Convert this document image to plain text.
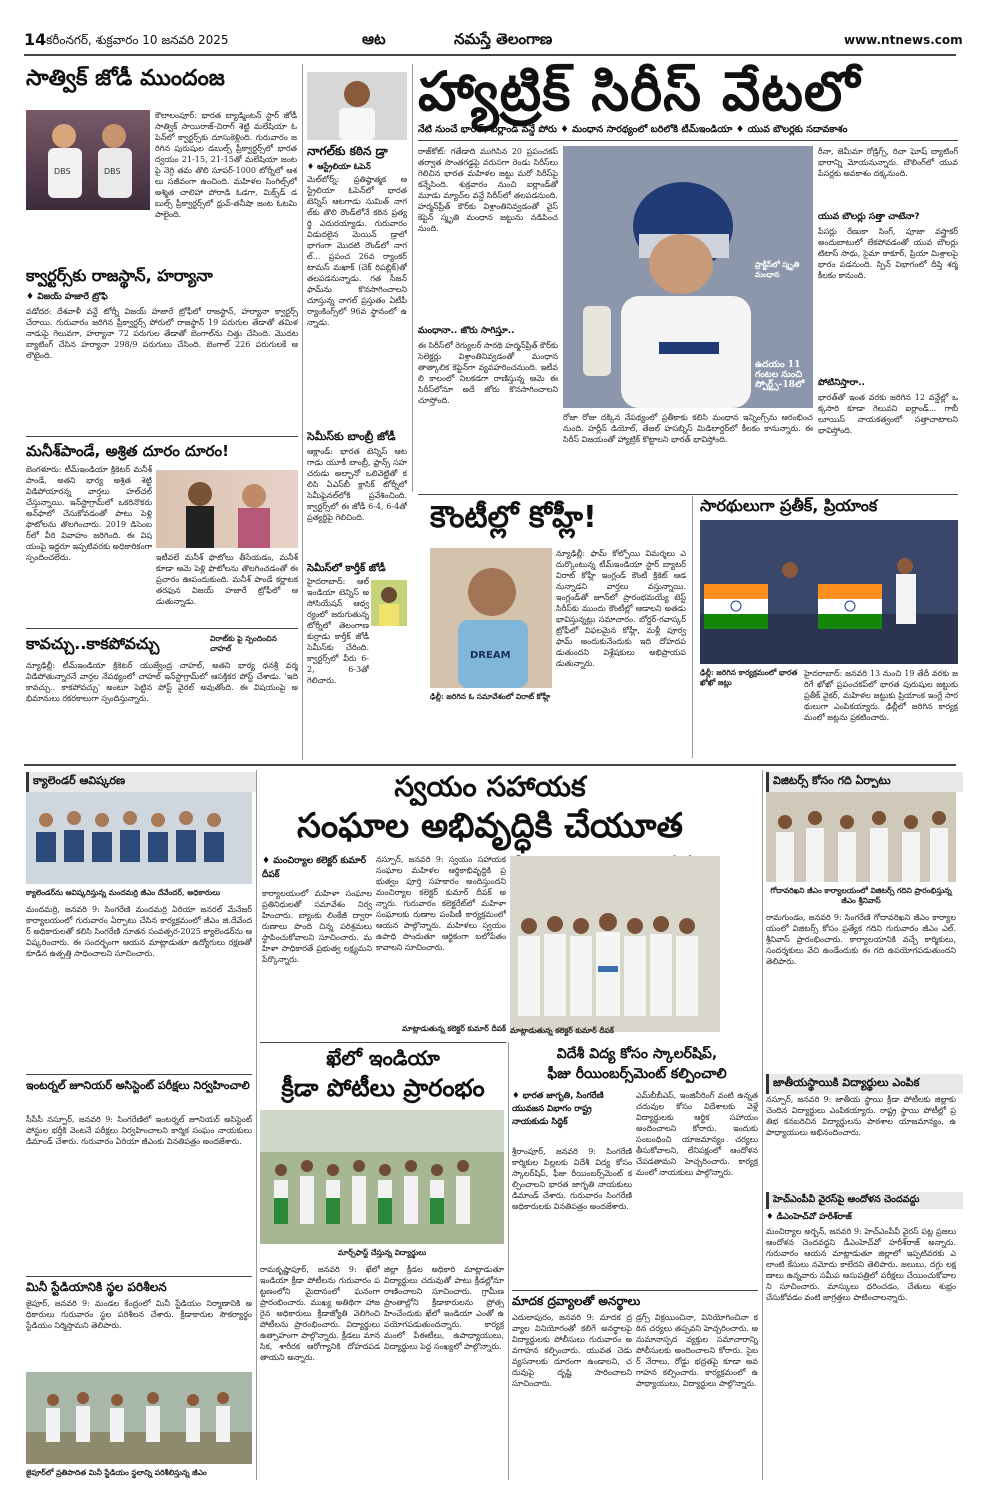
14 కరీంనగర్, శుక్రవారం 10 జనవరి 2025	ఆట	నమస్తే తెలంగాణ	www.ntnews.com
సాత్విక్ జోడీ ముందంజ
DBS	DBS
కౌలాలంపూర్: భారత బ్యాడ్మింటన్ స్టార్ జోడీ సాత్విక్ సాయిరాజ్-చిరాగ్ శెట్టి మలేషియా ఓపెన్‌లో క్వార్టర్స్‌కు దూసుకెళ్లింది. గురువారం జరిగిన పురుషుల డబుల్స్ ప్రీక్వార్టర్స్‌లో భారత ద్వయం 21-15, 21-15తో మలేషియా జంట పై నెగ్గి తమ తొలి సూపర్-1000 టోర్నీలో ఆశలు సజీవంగా ఉంచింది. మహిళల సింగిల్స్‌లో అశ్మిత చాలిహా పోరాడి ఓడగా, మిక్స్‌డ్ డబుల్స్ ప్రీక్వార్టర్స్‌లో ధ్రువ్-తనీషా జంట ఓటమి పాలైంది.
క్వార్టర్స్‌కు రాజస్థాన్, హర్యానా
♦ విజయ్ హజారే ట్రోఫీ
వడోదర: దేశవాళీ వన్డే టోర్నీ విజయ్ హజారే ట్రోఫీలో రాజస్థాన్, హర్యానా క్వార్టర్స్ చేరాయి. గురువారం జరిగిన ప్రీక్వార్టర్స్ పోరులో రాజస్థాన్ 19 పరుగుల తేడాతో తమిళనాడుపై గెలువగా, హర్యానా 72 పరుగుల తేడాతో బెంగాల్‌ను చిత్తు చేసింది. మొదట బ్యాటింగ్ చేసిన హర్యానా 298/9 పరుగులు చేసింది. బెంగాల్ 226 పరుగులకే ఆలౌటైంది.
మనీశ్‌పాండే, అశ్రిత దూరం దూరం!
బెంగళూరు: టీమ్‌ఇండియా క్రికెటర్ మనీశ్ పాండే, అతని భార్య అశ్రిత శెట్టి విడిపోయారన్న వార్తలు హల్‌చల్ చేస్తున్నాయి. ఇన్‌స్టాగ్రామ్‌లో ఒకరినొకరు అన్‌ఫాలో చేసుకోవడంతో పాటు పెళ్లి ఫొటోలను తొలగించారు. 2019 డిసెంబర్‌లో వీరి వివాహం జరిగింది. ఈ విషయంపై ఇద్దరూ ఇప్పటివరకు అధికారికంగా స్పందించలేదు.	ఇటీవలే మనీశ్ ఫొటోలు తీసేయడం, మనీశ్ కూడా ఆమె పెళ్లి ఫొటోలను తొలగించడంతో ఈ ప్రచారం ఊపందుకుంది. మనీశ్ పాండే కర్ణాటక తరఫున విజయ్ హజారే ట్రోఫీలో ఆడుతున్నాడు.
కావచ్చు..కాకపోవచ్చు	విరాట్‌కు పై స్పందించిన చాహల్
న్యూఢిల్లీ: టీమ్‌ఇండియా క్రికెటర్ యుజ్వేంద్ర చాహల్, అతని భార్య ధనశ్రీ వర్మ విడిపోతున్నారనే వార్తల నేపథ్యంలో చాహల్ ఇన్‌స్టాగ్రామ్‌లో ఆసక్తికర పోస్ట్ చేశాడు. 'ఇది కావచ్చు.. కాకపోవచ్చు' అంటూ పెట్టిన పోస్ట్ వైరల్ అవుతోంది. ఈ విషయంపై అభిమానులు రకరకాలుగా స్పందిస్తున్నారు.
నాగల్‌కు కఠిన డ్రా
♦ ఆస్ట్రేలియా ఓపెన్
మెల్‌బోర్న్: ప్రతిష్ఠాత్మక ఆస్ట్రేలియా ఓపెన్‌లో భారత టెన్నిస్ ఆటగాడు సుమిత్ నాగల్‌కు తొలి రౌండ్‌లోనే కఠిన ప్రత్యర్థి ఎదురయ్యాడు. గురువారం విడుదలైన మెయిన్ డ్రాలో భాగంగా మొదటి రౌండ్‌లో నాగల్... ప్రపంచ 26వ ర్యాంకర్ టామస్ మఖాక్ (చెక్ రిపబ్లిక్)తో తలపడనున్నాడు. గత సీజన్ ఫామ్‌ను కొనసాగించాలని చూస్తున్న నాగల్ ప్రస్తుతం ఏటీపీ ర్యాంకింగ్స్‌లో 96వ స్థానంలో ఉన్నాడు.
సెమీస్‌కు బాంబ్రీ జోడీ
ఆక్లాండ్: భారత టెన్నిస్ ఆటగాడు యూకీ బాంబ్రీ, ఫ్రాన్స్ సహచరుడు అల్బానో ఒలివెట్టితో కలిసి ఏఎస్‌బీ క్లాసిక్ టోర్నీలో సెమీఫైనల్‌లోకి ప్రవేశించింది. క్వార్టర్స్‌లో ఈ జోడీ 6-4, 6-4తో ప్రత్యర్థిపై గెలిచింది.
సెమీస్‌లో కార్తీక్ జోడీ
హైదరాబాద్: ఆల్ ఇండియా టెన్నిస్ అసోసియేషన్ ఆధ్వర్యంలో జరుగుతున్న టోర్నీలో తెలంగాణ కుర్రాడు కార్తీక్ జోడీ సెమీస్‌కు చేరింది. క్వార్టర్స్‌లో వీరు 6-2, 6-3తో గెలిచారు.
హ్యాట్రిక్ సిరీస్ వేటలో
నేటి నుంచే భారత్, ఐర్లాండ్ వన్డే పోరు ♦ మంధాన సారథ్యంలో బరిలోకి టీమ్‌ఇండియా ♦ యువ బౌలర్లకు సదావకాశం
రాజ్‌కోట్: గతేడాది ముగిసిన 20 ప్రపంచకప్ తర్వాత సొంతగడ్డపై వరుసగా రెండు సిరీస్‌లు గెలిచిన భారత మహిళల జట్టు మరో సిరీస్‌పై కన్నేసింది. శుక్రవారం నుంచి ఐర్లాండ్‌తో మూడు మ్యాచ్‌ల వన్డే సిరీస్‌లో తలపడనుంది. హర్మన్‌ప్రీత్ కౌర్‌కు విశ్రాంతినివ్వడంతో వైస్ కెప్టెన్ స్మృతి మంధాన జట్టును నడిపించనుంది.
మంధానా.. జోరు సాగిస్తూ..
ఈ సిరీస్‌లో రెగ్యులర్ సారథి హర్మన్‌ప్రీత్ కౌర్‌కు సెలెక్టర్లు విశ్రాంతినివ్వడంతో మంధాన తాత్కాలిక కెప్టెన్‌గా వ్యవహరించనుంది. ఇటీవలి కాలంలో నిలకడగా రాణిస్తున్న ఆమె ఈ సిరీస్‌లోనూ అదే జోరు కొనసాగించాలని చూస్తోంది.
ప్రాక్టీస్‌లో స్మృతి మంధాన
ఉదయం 11 గంటల నుంచి స్పోర్ట్స్-18లో
రోజా రోజు దక్కిన నేపథ్యంలో ప్రతీకాకు కలిసి మంధాన ఇన్నింగ్స్‌ను ఆరంభించనుంది. హర్లీన్ డియోల్, తేజల్ హసబ్నిస్ మిడిలార్డర్‌లో కీలకం కానున్నారు. ఈ సిరీస్ విజయంతో హ్యాట్రిక్ కొట్టాలని భారత్ భావిస్తోంది.
రీనా, జెమీమా రోడ్రిగ్స్, రిచా ఘోష్ బ్యాటింగ్ భారాన్ని మోయనున్నారు. బౌలింగ్‌లో యువ పేసర్లకు అవకాశం దక్కనుంది.
యువ బౌలర్లు సత్తా చాటేనా?
పేసర్లు రేణుకా సింగ్, పూజా వస్త్రాకర్ అందుబాటులో లేకపోవడంతో యువ బౌలర్లు టిటాస్ సాధు, సైమా ఠాకూర్, ప్రియా మిశ్రాలపై భారం పడనుంది. స్పిన్ విభాగంలో దీప్తి శర్మ కీలకం కానుంది.
పోటీనిస్తారా..
భారత్‌తో ఇంత వరకు జరిగిన 12 వన్డేల్లో ఒక్కసారి కూడా గెలువని ఐర్లాండ్... గాబీ లూయిస్ నాయకత్వంలో సత్తాచాటాలని భావిస్తోంది.
కౌంటీల్లో కోహ్లీ!
DREAM
న్యూఢిల్లీ: ఫామ్ కోల్పోయి విమర్శలు ఎదుర్కొంటున్న టీమ్‌ఇండియా స్టార్ బ్యాటర్ విరాట్ కోహ్లీ ఇంగ్లండ్ కౌంటీ క్రికెట్ ఆడనున్నాడని వార్తలు వస్తున్నాయి. ఇంగ్లండ్‌తో జూన్‌లో ప్రారంభమయ్యే టెస్ట్ సిరీస్‌కు ముందు కౌంటీల్లో ఆడాలని అతడు భావిస్తున్నట్లు సమాచారం. బోర్డర్-గవాస్కర్ ట్రోఫీలో విఫలమైన కోహ్లీ, మళ్లీ పూర్వ ఫామ్ అందుకునేందుకు ఇది దోహదపడుతుందని విశ్లేషకులు అభిప్రాయపడుతున్నారు.
ఢిల్లీ: జరిగిన ఓ సమావేశంలో విరాట్ కోహ్లీ
సారథులుగా ప్రతీక్, ప్రియాంక
ఢిల్లీ: జరిగిన కార్యక్రమంలో భారత ఖోఖో జట్లు
హైదరాబాద్: జనవరి 13 నుంచి 19 తేదీ వరకు జరిగే ఖోఖో ప్రపంచకప్‌లో భారత పురుషుల జట్టుకు ప్రతీక్ వైకర్, మహిళల జట్టుకు ప్రియాంక ఇంగ్లే సారథులుగా ఎంపికయ్యారు. ఢిల్లీలో జరిగిన కార్యక్రమంలో జట్లను ప్రకటించారు.
క్యాలెండర్ ఆవిష్కరణ
క్యాలెండర్‌ను ఆవిష్కరిస్తున్న మందమర్రి జీఎం దేవేందర్, అధికారులు
మందమర్రి, జనవరి 9: సింగరేణి మందమర్రి ఏరియా జనరల్ మేనేజర్ కార్యాలయంలో గురువారం ఏర్పాటు చేసిన కార్యక్రమంలో జీఎం జి.దేవేందర్ అధికారులతో కలిసి సింగరేణి నూతన సంవత్సర-2025 క్యాలెండర్‌ను ఆవిష్కరించారు. ఈ సందర్భంగా ఆయన మాట్లాడుతూ ఉద్యోగులు రక్షణతో కూడిన ఉత్పత్తి సాధించాలని సూచించారు.
ఇంటర్నల్ జూనియర్ అసిస్టెంట్ పరీక్షలు నిర్వహించాలి
సీసీసీ నస్పూర్, జనవరి 9: సింగరేణిలో ఇంటర్నల్ జూనియర్ అసిస్టెంట్ పోస్టుల భర్తీకి వెంటనే పరీక్షలు నిర్వహించాలని కార్మిక సంఘం నాయకులు డిమాండ్ చేశారు. గురువారం ఏరియా జీఎంకు వినతిపత్రం అందజేశారు.
మినీ స్టేడియానికి స్థల పరిశీలన
జైపూర్, జనవరి 9: మండల కేంద్రంలో మినీ స్టేడియం నిర్మాణానికి అధికారులు గురువారం స్థల పరిశీలన చేశారు. క్రీడాకారుల సౌకర్యార్థం స్టేడియం నిర్మిస్తామని తెలిపారు.
జైపూర్‌లో ప్రతిపాదిత మినీ స్టేడియం స్థలాన్ని పరిశీలిస్తున్న జీఎం
స్వయం సహాయక
సంఘాల అభివృద్ధికి చేయూత
♦ మంచిర్యాల కలెక్టర్ కుమార్ దీపక్
నస్పూర్, జనవరి 9: స్వయం సహాయక సంఘాల మహిళల ఆర్థికాభివృద్ధికి ప్రభుత్వం పూర్తి సహకారం అందిస్తుందని మంచిర్యాల కలెక్టర్ కుమార్ దీపక్ అన్నారు. గురువారం కలెక్టరేట్‌లో మహిళా సంఘాలకు రుణాల పంపిణీ కార్యక్రమంలో ఆయన పాల్గొన్నారు. మహిళలు స్వయం ఉపాధి పొందుతూ ఆర్థికంగా బలోపేతం కావాలని సూచించారు.
కార్యాలయంలో మహిళా సంఘాల ప్రతినిధులతో సమావేశం నిర్వహించారు. బ్యాంకు లింకేజీ ద్వారా రుణాలు పొంది చిన్న పరిశ్రమలు స్థాపించుకోవాలని సూచించారు. మహిళా సాధికారతే ప్రభుత్వ లక్ష్యమని పేర్కొన్నారు.
మాట్లాడుతున్న కలెక్టర్ కుమార్ దీపక్
మాట్లాడుతున్న కలెక్టర్ కుమార్ దీపక్
ఖేలో ఇండియా
క్రీడా పోటీలు ప్రారంభం
మార్చ్‌ఫాస్ట్ చేస్తున్న విద్యార్థులు
రామకృష్ణాపూర్, జనవరి 9: ఖేలో ఇండియా క్రీడా పోటీలను గురువారం పట్టణంలోని మైదానంలో ఘనంగా ప్రారంభించారు. ముఖ్య అతిథిగా హాజరైన అధికారులు క్రీడాజ్యోతి వెలిగించి పోటీలను ప్రారంభించారు. విద్యార్థులు ఉత్సాహంగా పాల్గొన్నారు. క్రీడలు మానసిక, శారీరక ఆరోగ్యానికి దోహదపడతాయని అన్నారు.
జిల్లా క్రీడల అధికారి మాట్లాడుతూ విద్యార్థులు చదువుతో పాటు క్రీడల్లోనూ రాణించాలని సూచించారు. గ్రామీణ ప్రాంతాల్లోని క్రీడాకారులను ప్రోత్సహించేందుకు ఖేలో ఇండియా ఎంతో ఉపయోగపడుతుందన్నారు. కార్యక్రమంలో పీఈటీలు, ఉపాధ్యాయులు, విద్యార్థులు పెద్ద సంఖ్యలో పాల్గొన్నారు.
విదేశీ విద్య కోసం స్కాలర్‌షిప్,
ఫీజు రీయింబర్స్‌మెంట్ కల్పించాలి
♦ భారత జాగృతి, సింగరేణి యువజన విభాగం రాష్ట్ర నాయకుడు సిద్ధిక్
శ్రీరాంపూర్, జనవరి 9: సింగరేణి కార్మికుల పిల్లలకు విదేశీ విద్య కోసం స్కాలర్‌షిప్, ఫీజు రీయింబర్స్‌మెంట్ కల్పించాలని భారత జాగృతి నాయకులు డిమాండ్ చేశారు. గురువారం సింగరేణి అధికారులకు వినతిపత్రం అందజేశారు.
ఎమ్‌బీబీఎస్, ఇంజినీరింగ్ వంటి ఉన్నత చదువుల కోసం విదేశాలకు వెళ్లే విద్యార్థులకు ఆర్థిక సహాయం అందించాలని కోరారు. ఇందుకు సంబంధించి యాజమాన్యం చర్యలు తీసుకోవాలని, లేనిపక్షంలో ఆందోళన చేపడతామని హెచ్చరించారు. కార్యక్రమంలో నాయకులు పాల్గొన్నారు.
మాదక ద్రవ్యాలతో అనర్థాలు
ఎదులాపురం, జనవరి 9: మాదక ద్రవ్యాల వినియోగంతో కలిగే అనర్థాలపై విద్యార్థులకు పోలీసులు గురువారం అవగాహన కల్పించారు. యువత చెడు వ్యసనాలకు దూరంగా ఉండాలని, చదువుపై దృష్టి సారించాలని సూచించారు.
డ్రగ్స్ విక్రయించినా, వినియోగించినా కఠిన చర్యలు తప్పవని హెచ్చరించారు. అనుమానాస్పద వ్యక్తుల సమాచారాన్ని పోలీసులకు అందించాలని కోరారు. సైబర్ నేరాలు, రోడ్డు భద్రతపై కూడా అవగాహన కల్పించారు. కార్యక్రమంలో ఉపాధ్యాయులు, విద్యార్థులు పాల్గొన్నారు.
విజిటర్స్ కోసం గది ఏర్పాటు
గోదావరిఖని జీఎం కార్యాలయంలో విజిటర్స్ గదిని ప్రారంభిస్తున్న జీఎం శ్రీనివాస్
రామగుండం, జనవరి 9: సింగరేణి గోదావరిఖని జీఎం కార్యాలయంలో విజిటర్స్ కోసం ప్రత్యేక గదిని గురువారం జీఎం ఎల్.శ్రీనివాస్ ప్రారంభించారు. కార్యాలయానికి వచ్చే కార్మికులు, సందర్శకులు వేచి ఉండేందుకు ఈ గది ఉపయోగపడుతుందని తెలిపారు.
జాతీయస్థాయికి విద్యార్థులు ఎంపిక
నస్పూర్, జనవరి 9: జాతీయ స్థాయి క్రీడా పోటీలకు జిల్లాకు చెందిన విద్యార్థులు ఎంపికయ్యారు. రాష్ట్ర స్థాయి పోటీల్లో ప్రతిభ కనబరిచిన విద్యార్థులను పాఠశాల యాజమాన్యం, ఉపాధ్యాయులు అభినందించారు.
హెచ్ఎంపీవీ వైరస్‌పై ఆందోళన చెందవద్దు
♦ డీఎంహెచ్‌వో హరీశ్‌రాజ్
మంచిర్యాల అర్బన్, జనవరి 9: హెచ్‌ఎంపీవీ వైరస్ పట్ల ప్రజలు ఆందోళన చెందవద్దని డీఎంహెచ్‌వో హరీశ్‌రాజ్ అన్నారు. గురువారం ఆయన మాట్లాడుతూ జిల్లాలో ఇప్పటివరకు ఎలాంటి కేసులు నమోదు కాలేదని తెలిపారు. జలుబు, దగ్గు లక్షణాలు ఉన్నవారు సమీప ఆసుపత్రిలో పరీక్షలు చేయించుకోవాలని సూచించారు. మాస్కులు ధరించడం, చేతులు శుభ్రం చేసుకోవడం వంటి జాగ్రత్తలు పాటించాలన్నారు.
